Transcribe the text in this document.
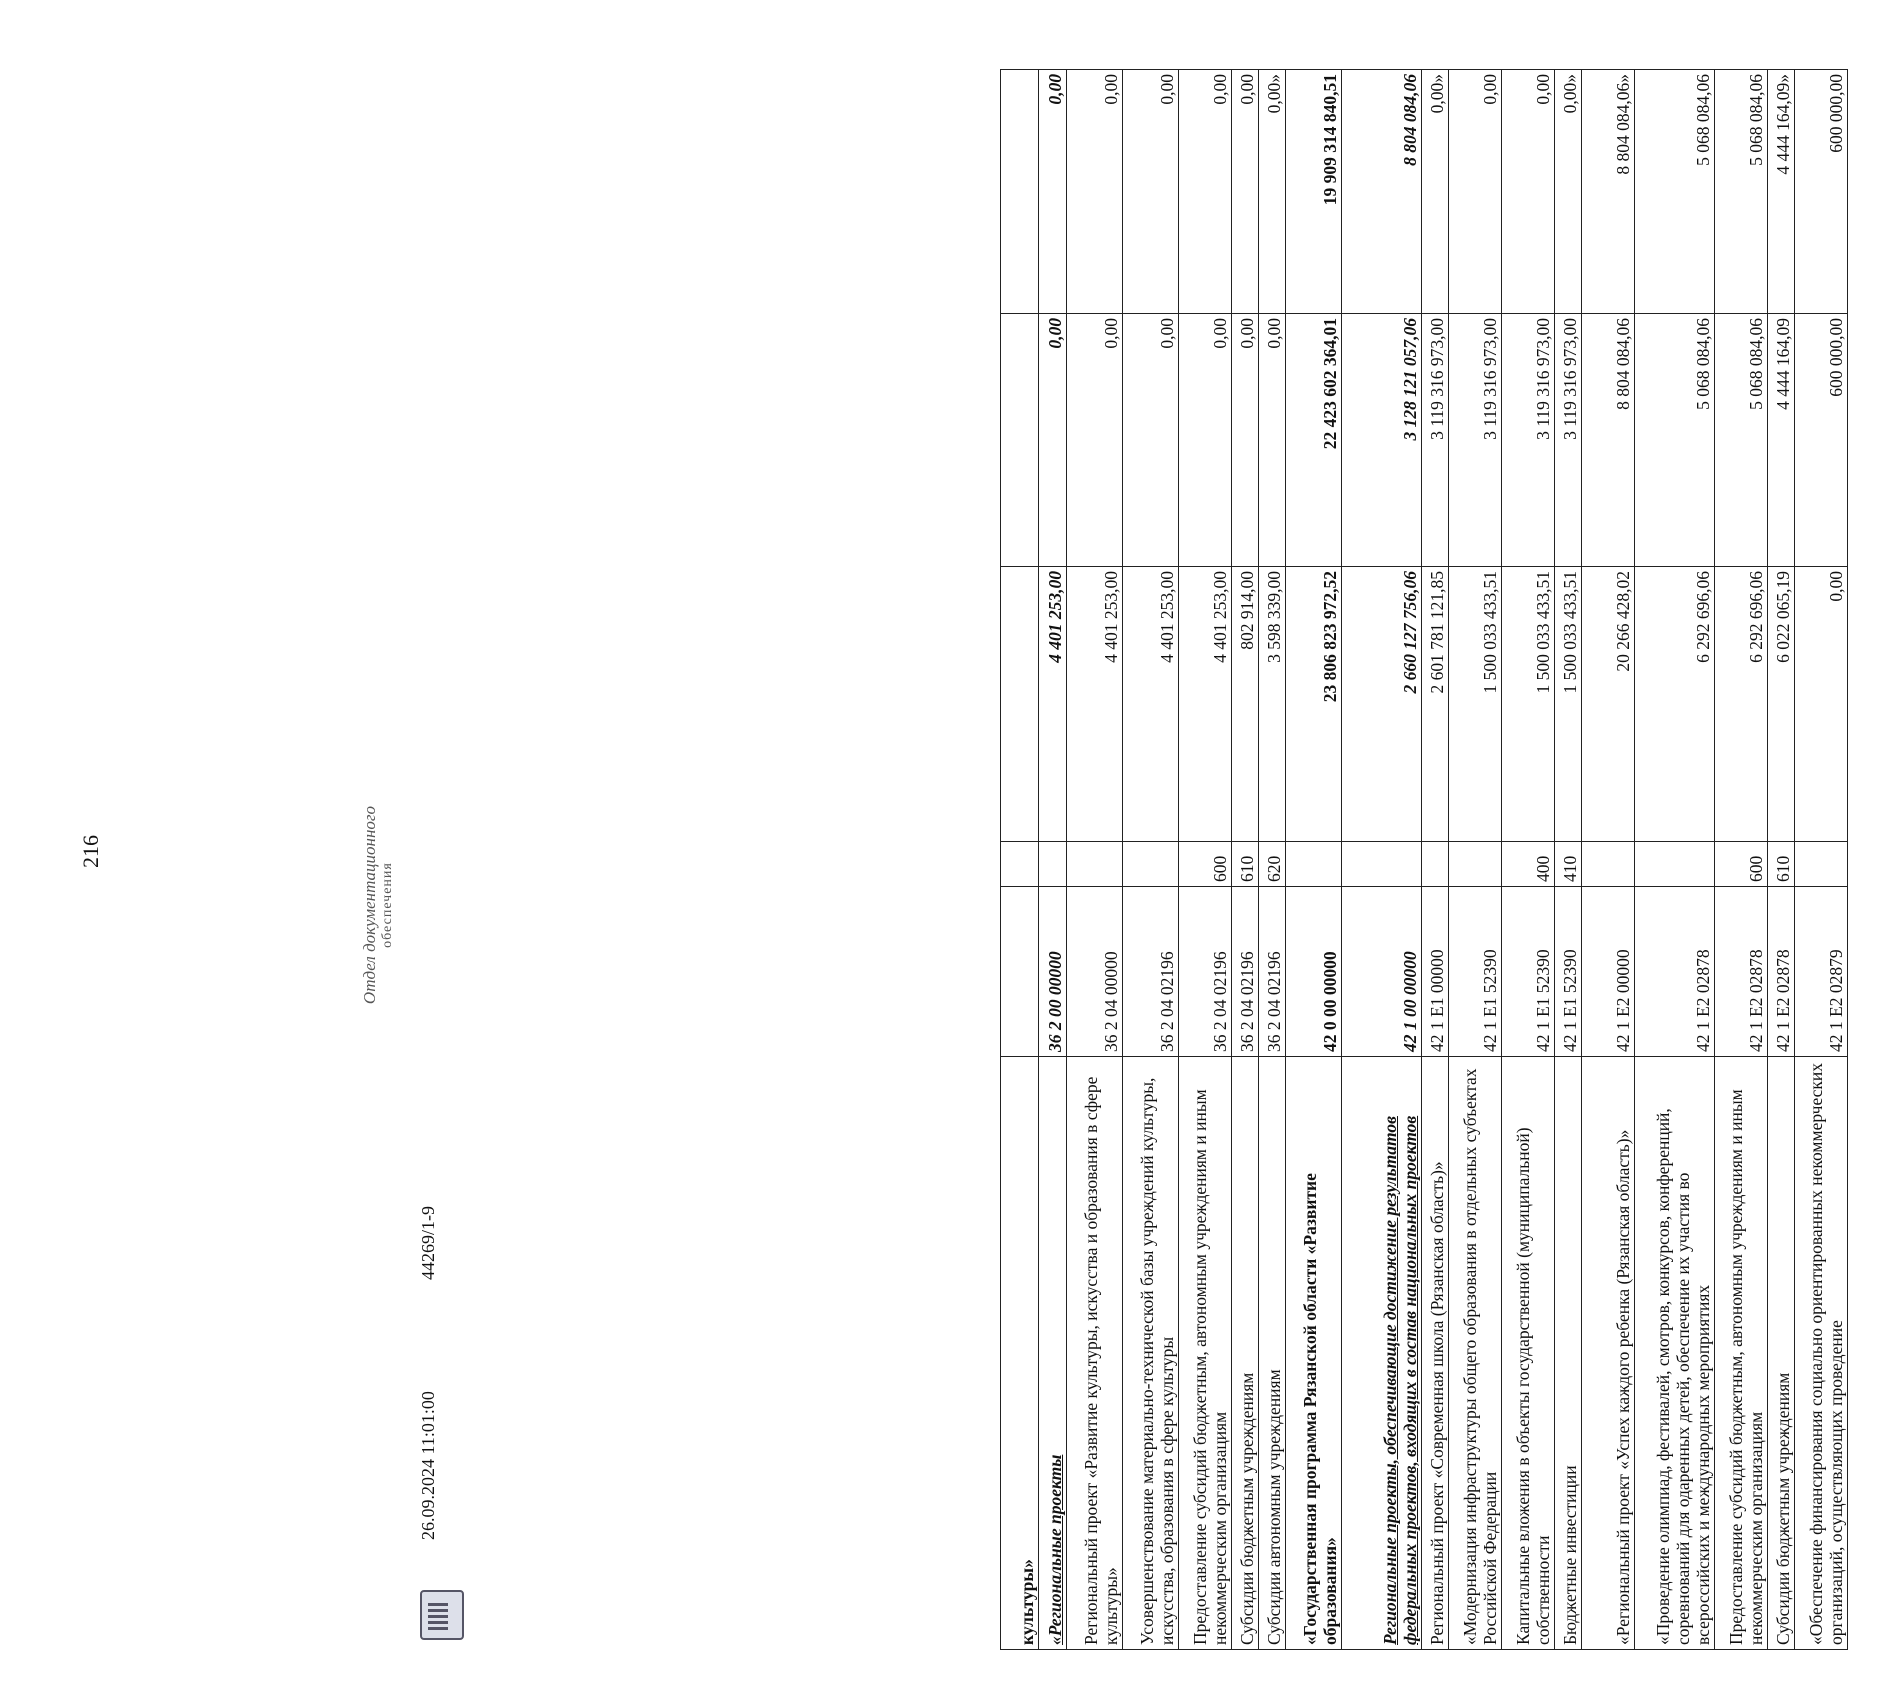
216
культуры»					
«Региональные проекты	36 2 00 00000		4 401 253,00	0,00	0,00
Региональный проект «Развитие культуры, искусства и образования в сфере культуры»	36 2 04 00000		4 401 253,00	0,00	0,00
Усовершенствование материально-технической базы учреждений культуры, искусства, образования в сфере культуры	36 2 04 02196		4 401 253,00	0,00	0,00
Предоставление субсидий бюджетным, автономным учреждениям и иным некоммерческим организациям	36 2 04 02196	600	4 401 253,00	0,00	0,00
Субсидии бюджетным учреждениям	36 2 04 02196	610	802 914,00	0,00	0,00
Субсидии автономным учреждениям	36 2 04 02196	620	3 598 339,00	0,00	0,00»
«Государственная программа Рязанской области «Развитие образования»	42 0 00 00000		23 806 823 972,52	22 423 602 364,01	19 909 314 840,51
Региональные проекты, обеспечивающие достижение результатов федеральных проектов, входящих в состав национальных проектов	42 1 00 00000		2 660 127 756,06	3 128 121 057,06	8 804 084,06
Региональный проект «Современная школа (Рязанская область)»	42 1 Е1 00000		2 601 781 121,85	3 119 316 973,00	0,00»
«Модернизация инфраструктуры общего образования в отдельных субъектах Российской Федерации	42 1 Е1 52390		1 500 033 433,51	3 119 316 973,00	0,00
Капитальные вложения в объекты государственной (муниципальной) собственности	42 1 Е1 52390	400	1 500 033 433,51	3 119 316 973,00	0,00
Бюджетные инвестиции	42 1 Е1 52390	410	1 500 033 433,51	3 119 316 973,00	0,00»
«Региональный проект «Успех каждого ребенка (Рязанская область)»	42 1 Е2 00000		20 266 428,02	8 804 084,06	8 804 084,06»
«Проведение олимпиад, фестивалей, смотров, конкурсов, конференций, соревнований для одаренных детей, обеспечение их участия во всероссийских и международных мероприятиях	42 1 Е2 02878		6 292 696,06	5 068 084,06	5 068 084,06
Предоставление субсидий бюджетным, автономным учреждениям и иным некоммерческим организациям	42 1 Е2 02878	600	6 292 696,06	5 068 084,06	5 068 084,06
Субсидии бюджетным учреждениям	42 1 Е2 02878	610	6 022 065,19	4 444 164,09	4 444 164,09»
«Обеспечение финансирования социально ориентированных некоммерческих организаций, осуществляющих проведение	42 1 Е2 02879		0,00	600 000,00	600 000,00
26.09.2024 11:01:00
44269/1-9
Отдел документационного обеспечения
